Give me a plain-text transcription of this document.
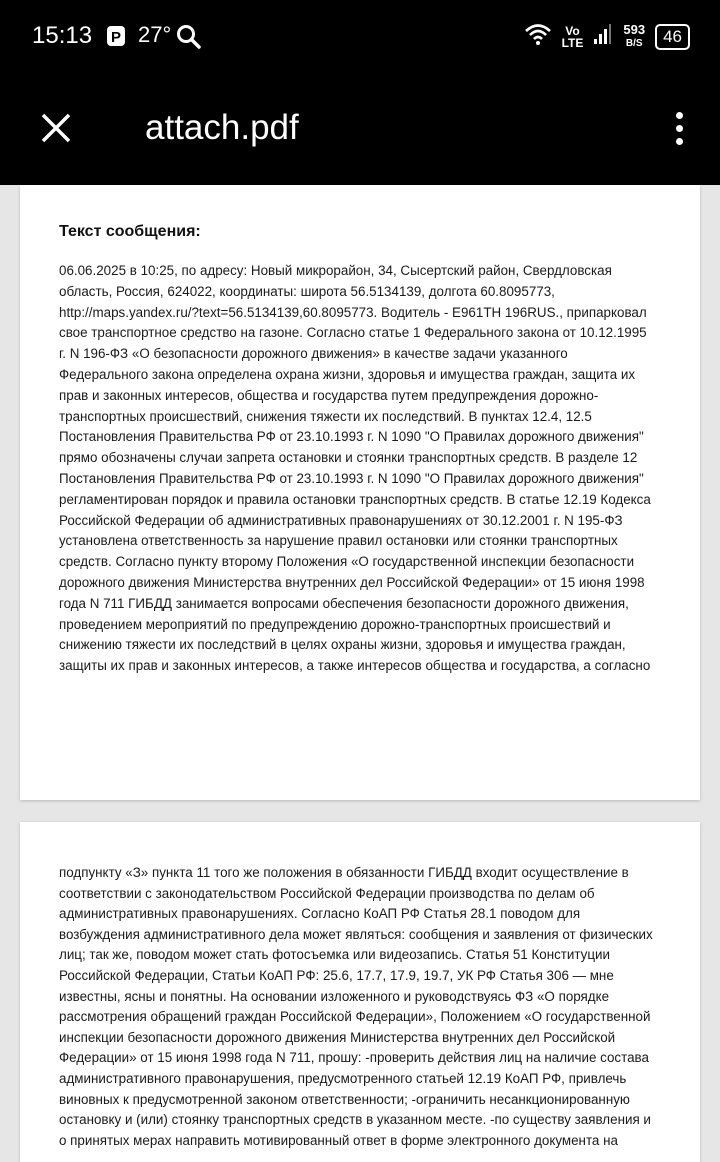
15:13 P 27°	Vo
LTE
593
B/S	46
attach.pdf
Текст сообщения:
06.06.2025 в 10:25, по адресу: Новый микрорайон, 34, Сысертский район, Свердловская
область, Россия, 624022, координаты: широта 56.5134139, долгота 60.8095773,
http://maps.yandex.ru/?text=56.5134139,60.8095773. Водитель - Е961ТН 196RUS., припарковал
свое транспортное средство на газоне. Согласно статье 1 Федерального закона от 10.12.1995
г. N 196-ФЗ «О безопасности дорожного движения» в качестве задачи указанного
Федерального закона определена охрана жизни, здоровья и имущества граждан, защита их
прав и законных интересов, общества и государства путем предупреждения дорожно-
транспортных происшествий, снижения тяжести их последствий. В пунктах 12.4, 12.5
Постановления Правительства РФ от 23.10.1993 г. N 1090 "О Правилах дорожного движения"
прямо обозначены случаи запрета остановки и стоянки транспортных средств. В разделе 12
Постановления Правительства РФ от 23.10.1993 г. N 1090 "О Правилах дорожного движения"
регламентирован порядок и правила остановки транспортных средств. В статье 12.19 Кодекса
Российской Федерации об административных правонарушениях от 30.12.2001 г. N 195-ФЗ
установлена ответственность за нарушение правил остановки или стоянки транспортных
средств. Согласно пункту второму Положения «О государственной инспекции безопасности
дорожного движения Министерства внутренних дел Российской Федерации» от 15 июня 1998
года N 711 ГИБДД занимается вопросами обеспечения безопасности дорожного движения,
проведением мероприятий по предупреждению дорожно-транспортных происшествий и
снижению тяжести их последствий в целях охраны жизни, здоровья и имущества граждан,
защиты их прав и законных интересов, а также интересов общества и государства, а согласно
подпункту «З» пункта 11 того же положения в обязанности ГИБДД входит осуществление в
соответствии с законодательством Российской Федерации производства по делам об
административных правонарушениях. Согласно КоАП РФ Статья 28.1 поводом для
возбуждения административного дела может являться: сообщения и заявления от физических
лиц; так же, поводом может стать фотосъемка или видеозапись. Статья 51 Конституции
Российской Федерации, Статьи КоАП РФ: 25.6, 17.7, 17.9, 19.7, УК РФ Статья 306 — мне
известны, ясны и понятны. На основании изложенного и руководствуясь ФЗ «О порядке
рассмотрения обращений граждан Российской Федерации», Положением «О государственной
инспекции безопасности дорожного движения Министерства внутренних дел Российской
Федерации» от 15 июня 1998 года N 711, прошу: -проверить действия лиц на наличие состава
административного правонарушения, предусмотренного статьей 12.19 КоАП РФ, привлечь
виновных к предусмотренной законом ответственности; -ограничить несанкционированную
остановку и (или) стоянку транспортных средств в указанном месте. -по существу заявления и
о принятых мерах направить мотивированный ответ в форме электронного документа на
